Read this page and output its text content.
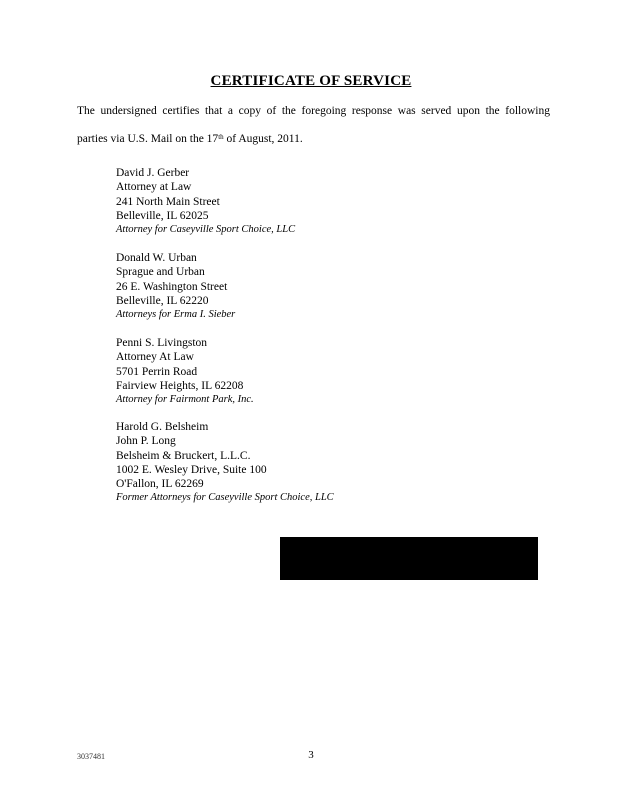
CERTIFICATE OF SERVICE
The undersigned certifies that a copy of the foregoing response was served upon the following
parties via U.S. Mail on the 17th of August, 2011.
David J. Gerber
Attorney at Law
241 North Main Street
Belleville, IL 62025
Attorney for Caseyville Sport Choice, LLC
Donald W. Urban
Sprague and Urban
26 E. Washington Street
Belleville, IL 62220
Attorneys for Erma I. Sieber
Penni S. Livingston
Attorney At Law
5701 Perrin Road
Fairview Heights, IL 62208
Attorney for Fairmont Park, Inc.
Harold G. Belsheim
John P. Long
Belsheim & Bruckert, L.L.C.
1002 E. Wesley Drive, Suite 100
O'Fallon, IL 62269
Former Attorneys for Caseyville Sport Choice, LLC
3037481	3
